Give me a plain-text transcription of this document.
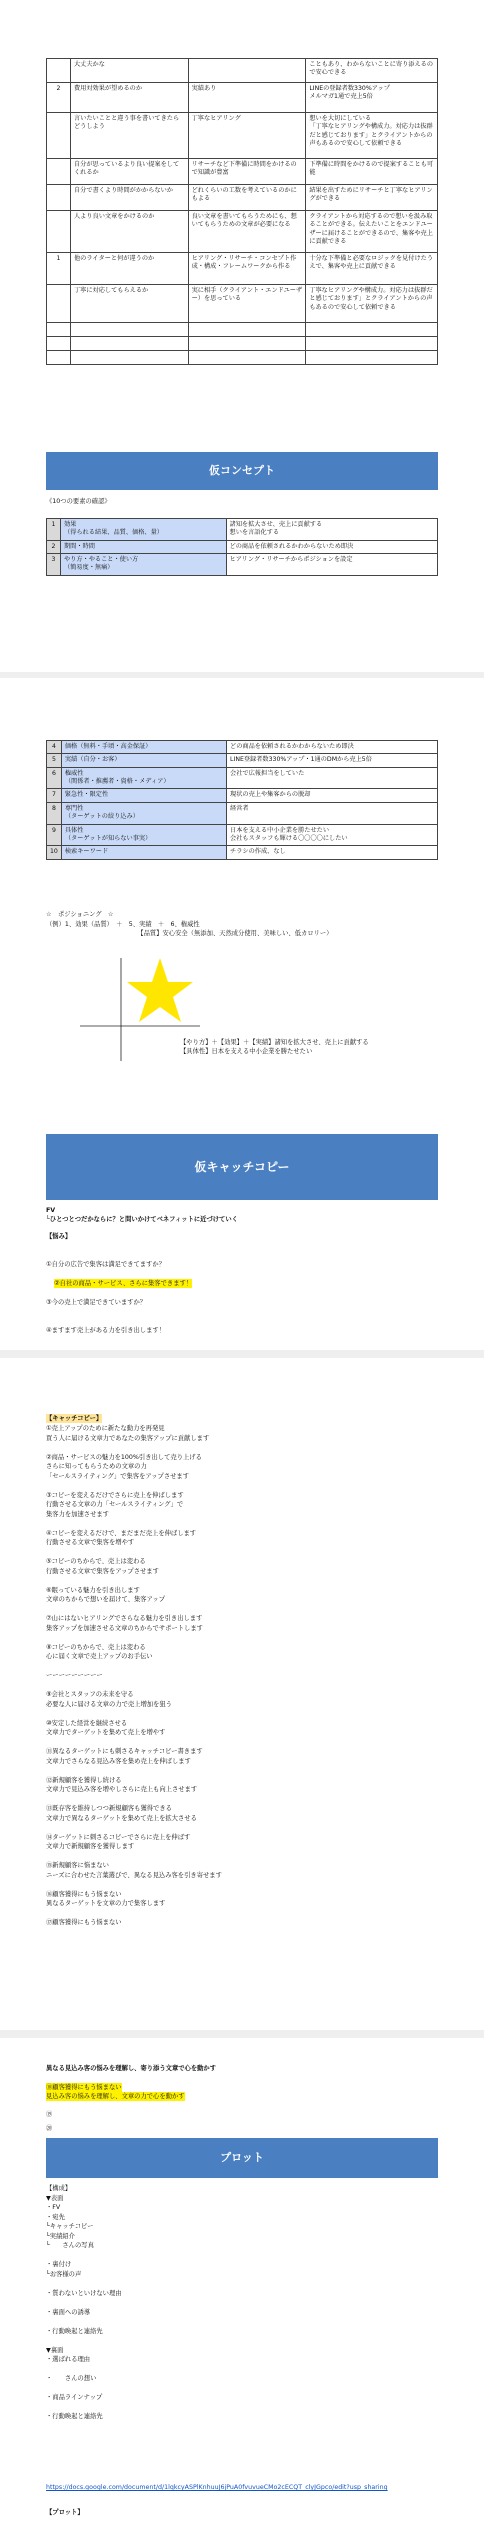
	大丈夫かな		こともあり、わからないことに寄り添えるので安心できる
2	費用対効果が望めるのか	実績あり	LINEの登録者数330%アップ
メルマガ1通で売上5倍
	言いたいことと違う事を書いてきたらどうしよう	丁寧なヒアリング	想いを大切にしている
「丁寧なヒアリングや構成力。対応力は抜群だと感じております」とクライアントからの声もあるので安心して依頼できる
	自分が思っているより良い提案をしてくれるか	リサーチなど下準備に時間をかけるので知識が豊富	下準備に時間をかけるので提案することも可能
	自分で書くより時間がかからないか	どれくらいの工数を考えているのかにもよる	結果を出すためにリサーチと丁寧なヒアリングができる
	人より良い文章をかけるのか	良い文章を書いてもらうためにも、想いてもらうための文章が必要になる	クライアントから対応するので想いを汲み取ることができる。伝えたいことをエンドユーザーに届けることができるので、集客や売上に貢献できる
1	他のライターと何が違うのか	ヒアリング・リサーチ・コンセプト作成・構成・フレームワークから作る	十分な下準備と必要なロジックを見付けたうえで、集客や売上に貢献できる
	丁寧に対応してもらえるか	実に相手（クライアント・エンドユーザー）を思っている	丁寧なヒアリングや構成力。対応力は抜群だと感じております」とクライアントからの声もあるので安心して依頼できる

仮コンセプト
《10つの要素の確認》
1	効果
（得られる結果、品質、価格、量）	諸知を拡大させ、売上に貢献する
想いを言語化する
2	期間・時間	どの商品を依頼されるかわからないため即決
3	やり方・やること・使い方
（簡易度・無痛）	ヒアリング・リサーチからポジションを設定
4	価格（無料・手頃・高金保証）	どの商品を依頼されるかわからないため即決
5	実績（自分・お客）	LINE登録者数330%アップ・1通のDMから売上5倍
6	権威性
（関係者・推薦者・資格・メディア）	会社で広報担当をしていた
7	緊急性・限定性	現状の売上や集客からの脱却
8	専門性
（ターゲットの絞り込み）	経営者
9	具体性
（ターゲットが知らない事実）	日本を支える中小企業を勝たせたい
会社もスタッフも輝ける〇〇〇〇にしたい
10	検索キーワード	チラシの作成、なし
☆　ポジショニング　☆
（例）1、効果（品質）　＋　5、実績　＋　6、権威性
　　　　　　　　　　　　　　　【品質】安心安全（無添加、天然成分使用、美味しい、低カロリー）
【やり方】＋【効果】＋【実績】諸知を拡大させ、売上に貢献する
【具体性】日本を支える中小企業を勝たせたい
仮キャッチコピー
FV
└ひとつとつだかならに？と問いかけてベネフィットに近づけていく
【悩み】

①自分の広告で集客は満足できてますか？

②自社の商品・サービス、さらに集客できます！

③今の売上で満足できていますか？

④ますます売上がある力を引き出します！

【キャッチコピー】
①売上アップのために新たな動力を再発見
買う人に届ける文章力であなたの集客アップに貢献します
②商品・サービスの魅力を100%引き出して売り上げる
さらに知ってもらうための文章の力
「セールスライティング」で集客をアップさせます
③コピーを変えるだけでさらに売上を伸ばします
行動させる文章の力「セールスライティング」で
集客力を加速させます
④コピーを変えるだけで、まだまだ売上を伸ばします
行動させる文章で集客を増やす
⑤コピーのちからで、売上は変わる
行動させる文章で集客をアップさせます
⑥眠っている魅力を引き出します
文章のちからで想いを届けて、集客アップ
⑦山にはないヒアリングでさらなる魅力を引き出します
集客アップを加速させる文章のちからでサポートします
⑧コピーのちからで、売上は変わる
心に届く文章で売上アップのお手伝い
ーーーーーーーーー
⑨会社とスタッフの未来を守る
必要な人に届ける文章の力で売上増加を狙う
⑩安定した経営を継続させる
文章力でターゲットを集めて売上を増やす
⑪異なるターゲットにも刺さるキャッチコピー書きます
文章力でさらなる見込み客を集め売上を伸ばします
⑫新規顧客を獲得し続ける
文章力で見込み客を増やしさらに売上も向上させます
⑬既存客を維持しつつ新規顧客も獲得できる
文章力で異なるターゲットを集めて売上を拡大させる
⑭ターゲットに刺さるコピーでさらに売上を伸ばす
文章力で新規顧客を獲得します
⑮新規顧客に悩まない
ニーズに合わせた言葉選びで、異なる見込み客を引き寄せます
⑯顧客獲得にもう悩まない
異なるターゲットを文章の力で集客します
⑰顧客獲得にもう悩まない
異なる見込み客の悩みを理解し、寄り添う文章で心を動かす
⑱顧客獲得にもう悩まない
見込み客の悩みを理解し、文章の力で心を動かす
⑲
⑳
プロット
【構成】
▼表面
・FV
・宛先
└キャッチコピー
└実績紹介
└　　さんの写真
・裏付け
└お客様の声
・質わないといけない理由
・裏面への誘導
・行動喚起と連絡先
▼裏面
・選ばれる理由
・　　さんの想い
・商品ラインナップ
・行動喚起と連絡先
https://docs.google.com/document/d/1lqkcyASPlKnhuuJ6jPuA0fvuvueCMo2cECQT_clyJGpco/edit?usp_sharing
【プロット】
